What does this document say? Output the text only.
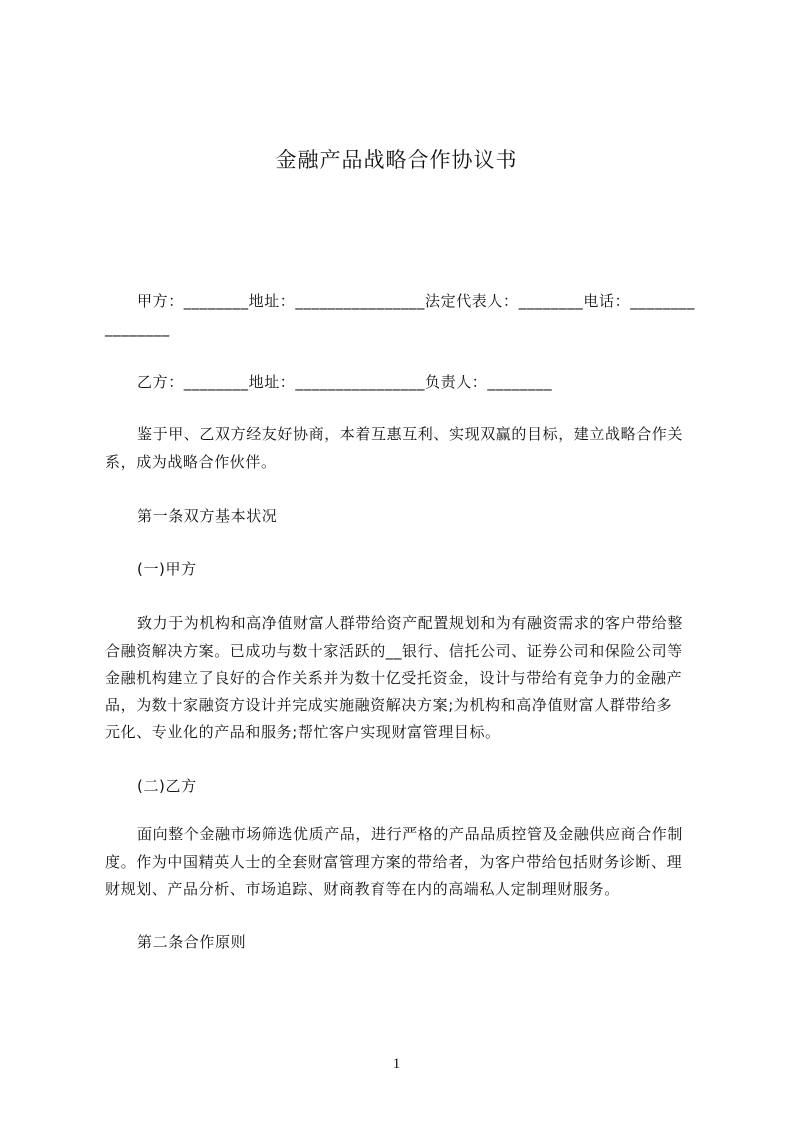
金融产品战略合作协议书
甲方：________地址：________________法定代表人：________电话：________
________
乙方：________地址：________________负责人：________
鉴于甲、乙双方经友好协商，本着互惠互利、实现双赢的目标，建立战略合作关
系，成为战略合作伙伴。
第一条双方基本状况
(一)甲方
致力于为机构和高净值财富人群带给资产配置规划和为有融资需求的客户带给整
合融资解决方案。已成功与数十家活跃的__银行、信托公司、证券公司和保险公司等
金融机构建立了良好的合作关系并为数十亿受托资金，设计与带给有竞争力的金融产
品，为数十家融资方设计并完成实施融资解决方案;为机构和高净值财富人群带给多
元化、专业化的产品和服务;帮忙客户实现财富管理目标。
(二)乙方
面向整个金融市场筛选优质产品，进行严格的产品品质控管及金融供应商合作制
度。作为中国精英人士的全套财富管理方案的带给者，为客户带给包括财务诊断、理
财规划、产品分析、市场追踪、财商教育等在内的高端私人定制理财服务。
第二条合作原则
1
